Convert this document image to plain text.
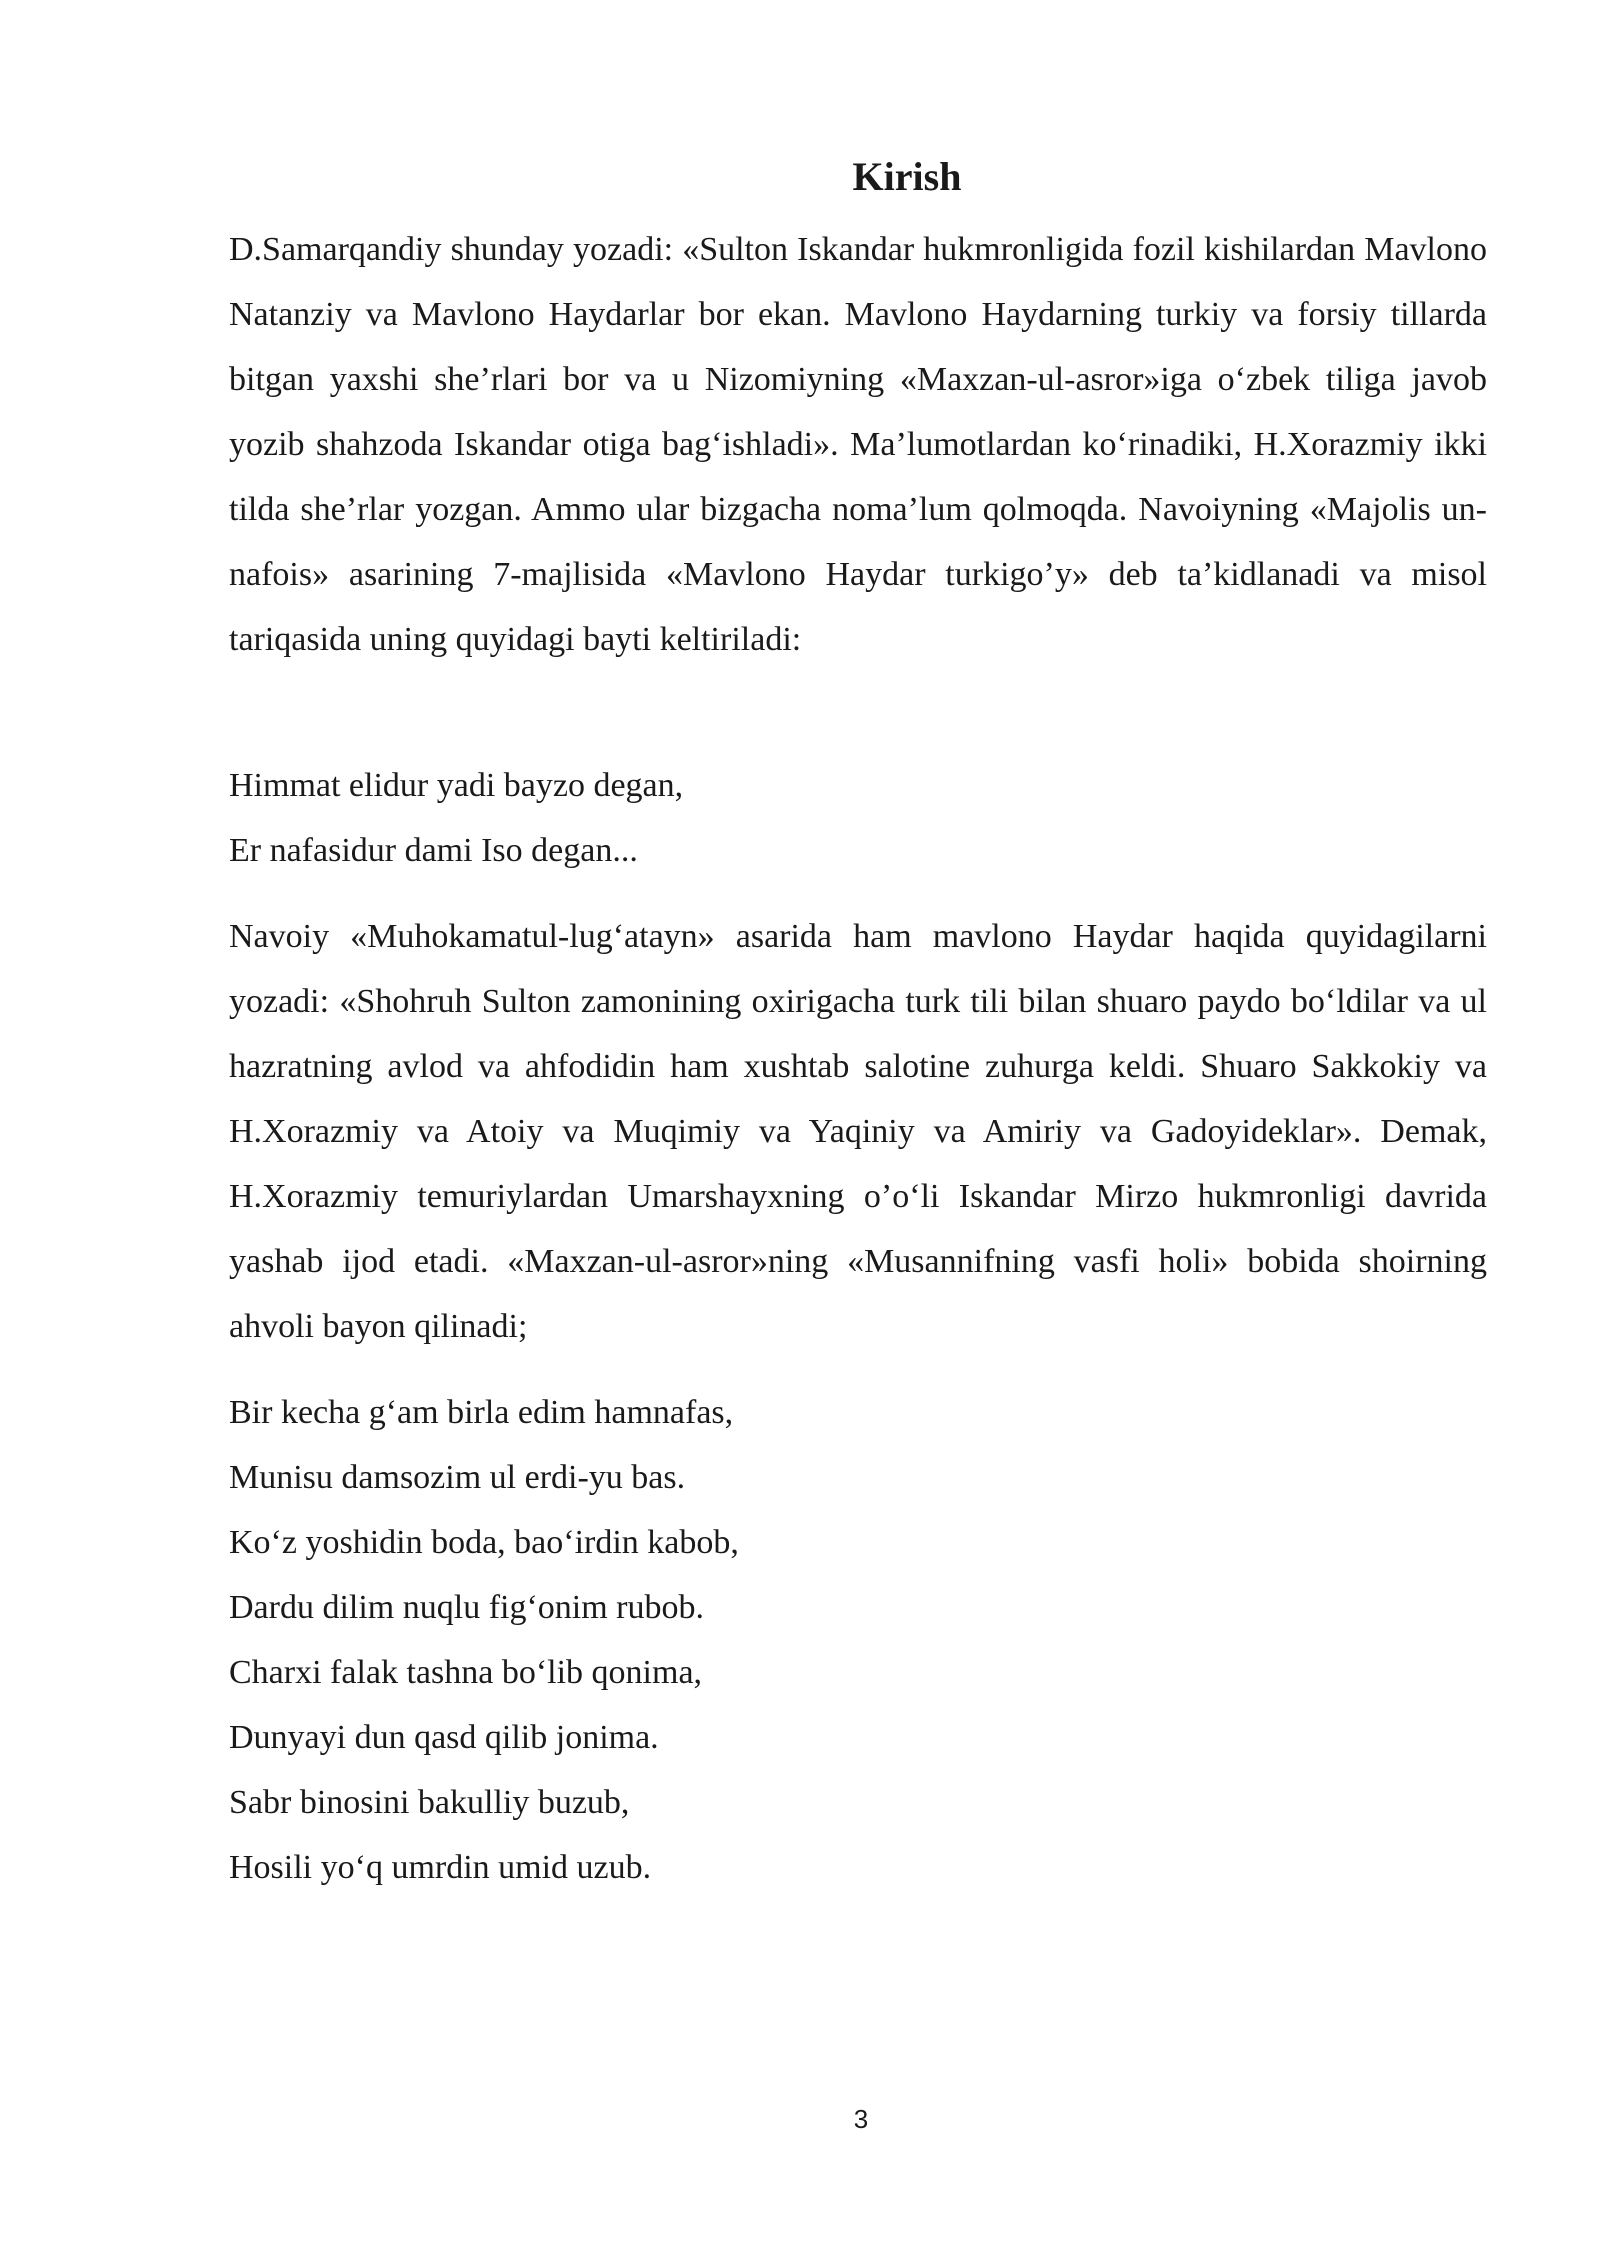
Kirish

D.Samarqandiy shunday yozadi: «Sulton Iskandar hukmronligida fozil kishilardan Mavlono Natanziy va Mavlono Haydarlar bor ekan. Mavlono Haydarning turkiy va forsiy tillarda bitgan yaxshi she’rlari bor va u Nizomiyning «Maxzan-ul-asror»iga o‘zbek tiliga javob yozib shahzoda Iskandar otiga bag‘ishladi». Ma’lumotlardan ko‘rinadiki, H.Xorazmiy ikki tilda she’rlar yozgan. Ammo ular bizgacha noma’lum qolmoqda. Navoiyning «Majolis un-nafois» asarining 7-majlisida «Mavlono Haydar turkigo’y» deb ta’kidlanadi va misol tariqasida uning quyidagi bayti keltiriladi:

Himmat elidur yadi bayzo degan,
Er nafasidur dami Iso degan...

Navoiy «Muhokamatul-lug‘atayn» asarida ham mavlono Haydar haqida quyidagilarni yozadi: «Shohruh Sulton zamonining oxirigacha turk tili bilan shuaro paydo bo‘ldilar va ul hazratning avlod va ahfodidin ham xushtab salotine zuhurga keldi. Shuaro Sakkokiy va H.Xorazmiy va Atoiy va Muqimiy va Yaqiniy va Amiriy va Gadoyideklar». Demak, H.Xorazmiy temuriylardan Umarshayxning o’o‘li Iskandar Mirzo hukmronligi davrida yashab ijod etadi. «Maxzan-ul-asror»ning «Musannifning vasfi holi» bobida shoirning ahvoli bayon qilinadi;

Bir kecha g‘am birla edim hamnafas,
Munisu damsozim ul erdi-yu bas.
Ko‘z yoshidin boda, bao‘irdin kabob,
Dardu dilim nuqlu fig‘onim rubob.
Charxi falak tashna bo‘lib qonima,
Dunyayi dun qasd qilib jonima.
Sabr binosini bakulliy buzub,
Hosili yo‘q umrdin umid uzub.

3
